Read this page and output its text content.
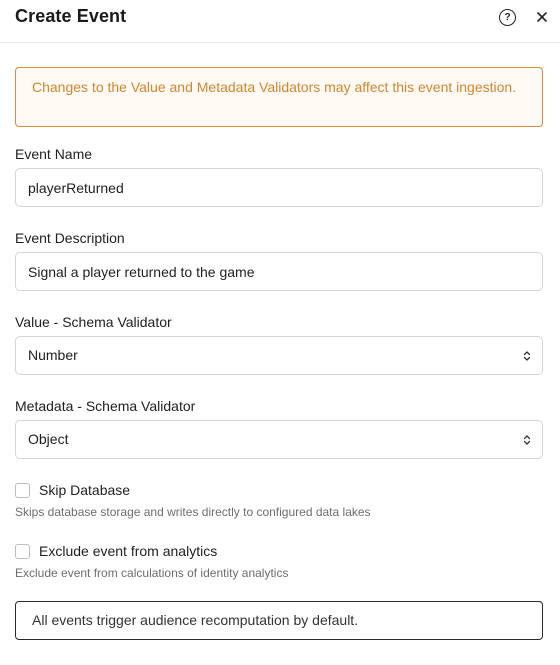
Create Event	?
Changes to the Value and Metadata Validators may affect this event ingestion.
Event Name
playerReturned
Event Description
Signal a player returned to the game
Value - Schema Validator
Number
Metadata - Schema Validator
Object
Skip Database
Skips database storage and writes directly to configured data lakes
Exclude event from analytics
Exclude event from calculations of identity analytics
All events trigger audience recomputation by default.
